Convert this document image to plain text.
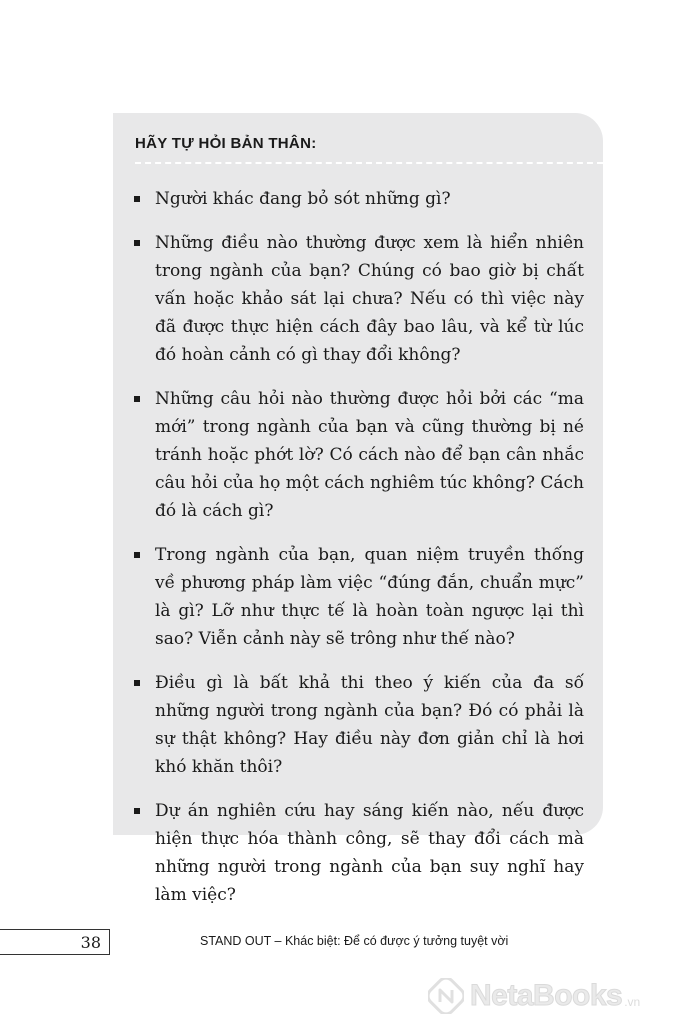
HÃY TỰ HỎI BẢN THÂN:
Người khác đang bỏ sót những gì?
Những điều nào thường được xem là hiển nhiên trong ngành của bạn? Chúng có bao giờ bị chất vấn hoặc khảo sát lại chưa? Nếu có thì việc này đã được thực hiện cách đây bao lâu, và kể từ lúc đó hoàn cảnh có gì thay đổi không?
Những câu hỏi nào thường được hỏi bởi các “ma mới” trong ngành của bạn và cũng thường bị né tránh hoặc phớt lờ? Có cách nào để bạn cân nhắc câu hỏi của họ một cách nghiêm túc không? Cách đó là cách gì?
Trong ngành của bạn, quan niệm truyền thống về phương pháp làm việc “đúng đắn, chuẩn mực” là gì? Lỡ như thực tế là hoàn toàn ngược lại thì sao? Viễn cảnh này sẽ trông như thế nào?
Điều gì là bất khả thi theo ý kiến của đa số những người trong ngành của bạn? Đó có phải là sự thật không? Hay điều này đơn giản chỉ là hơi khó khăn thôi?
Dự án nghiên cứu hay sáng kiến nào, nếu được hiện thực hóa thành công, sẽ thay đổi cách mà những người trong ngành của bạn suy nghĩ hay làm việc?
38	STAND OUT – Khác biệt: Để có được ý tưởng tuyệt vời
NetaBooks .vn
